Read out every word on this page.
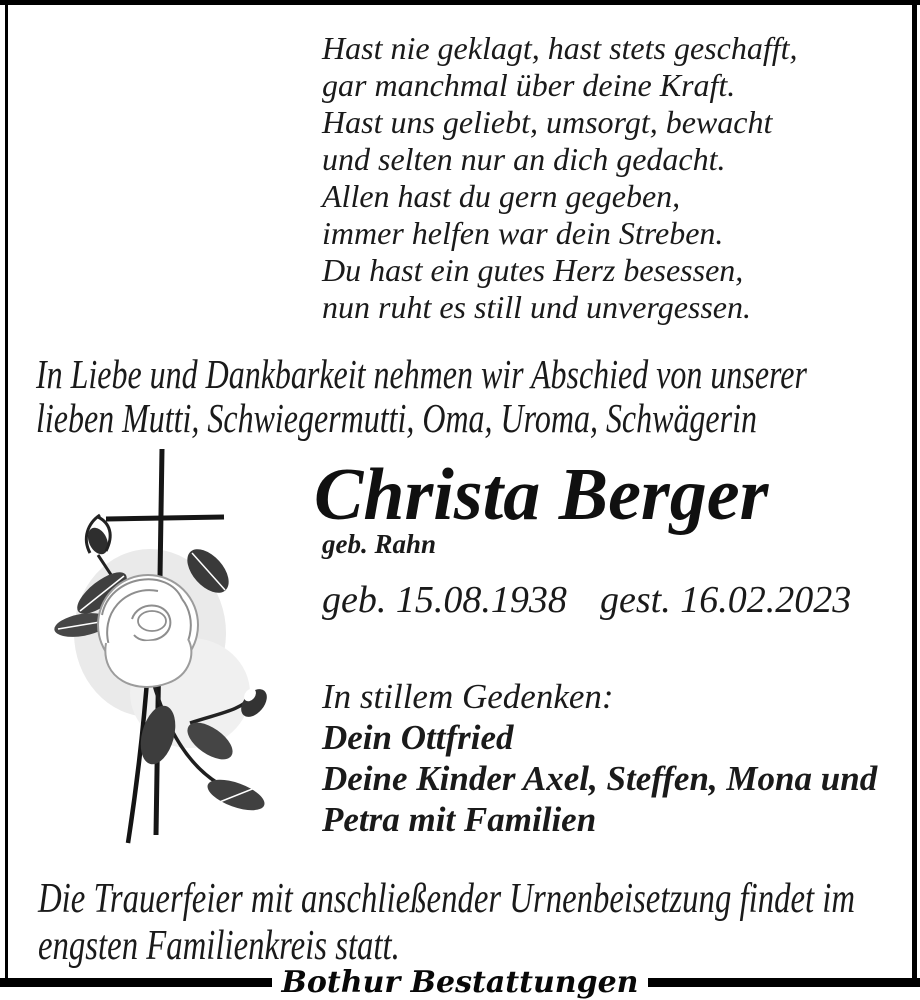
Hast nie geklagt, hast stets geschafft,
gar manchmal über deine Kraft.
Hast uns geliebt, umsorgt, bewacht
und selten nur an dich gedacht.
Allen hast du gern gegeben,
immer helfen war dein Streben.
Du hast ein gutes Herz besessen,
nun ruht es still und unvergessen.
In Liebe und Dankbarkeit nehmen wir Abschied von unserer
lieben Mutti, Schwiegermutti, Oma, Uroma, Schwägerin
Christa Berger
geb. Rahn
geb. 15.08.1938 gest. 16.02.2023
In stillem Gedenken:
Dein Ottfried
Deine Kinder Axel, Steffen, Mona und
Petra mit Familien
Die Trauerfeier mit anschließender Urnenbeisetzung findet im
engsten Familienkreis statt.
Bothur Bestattungen
